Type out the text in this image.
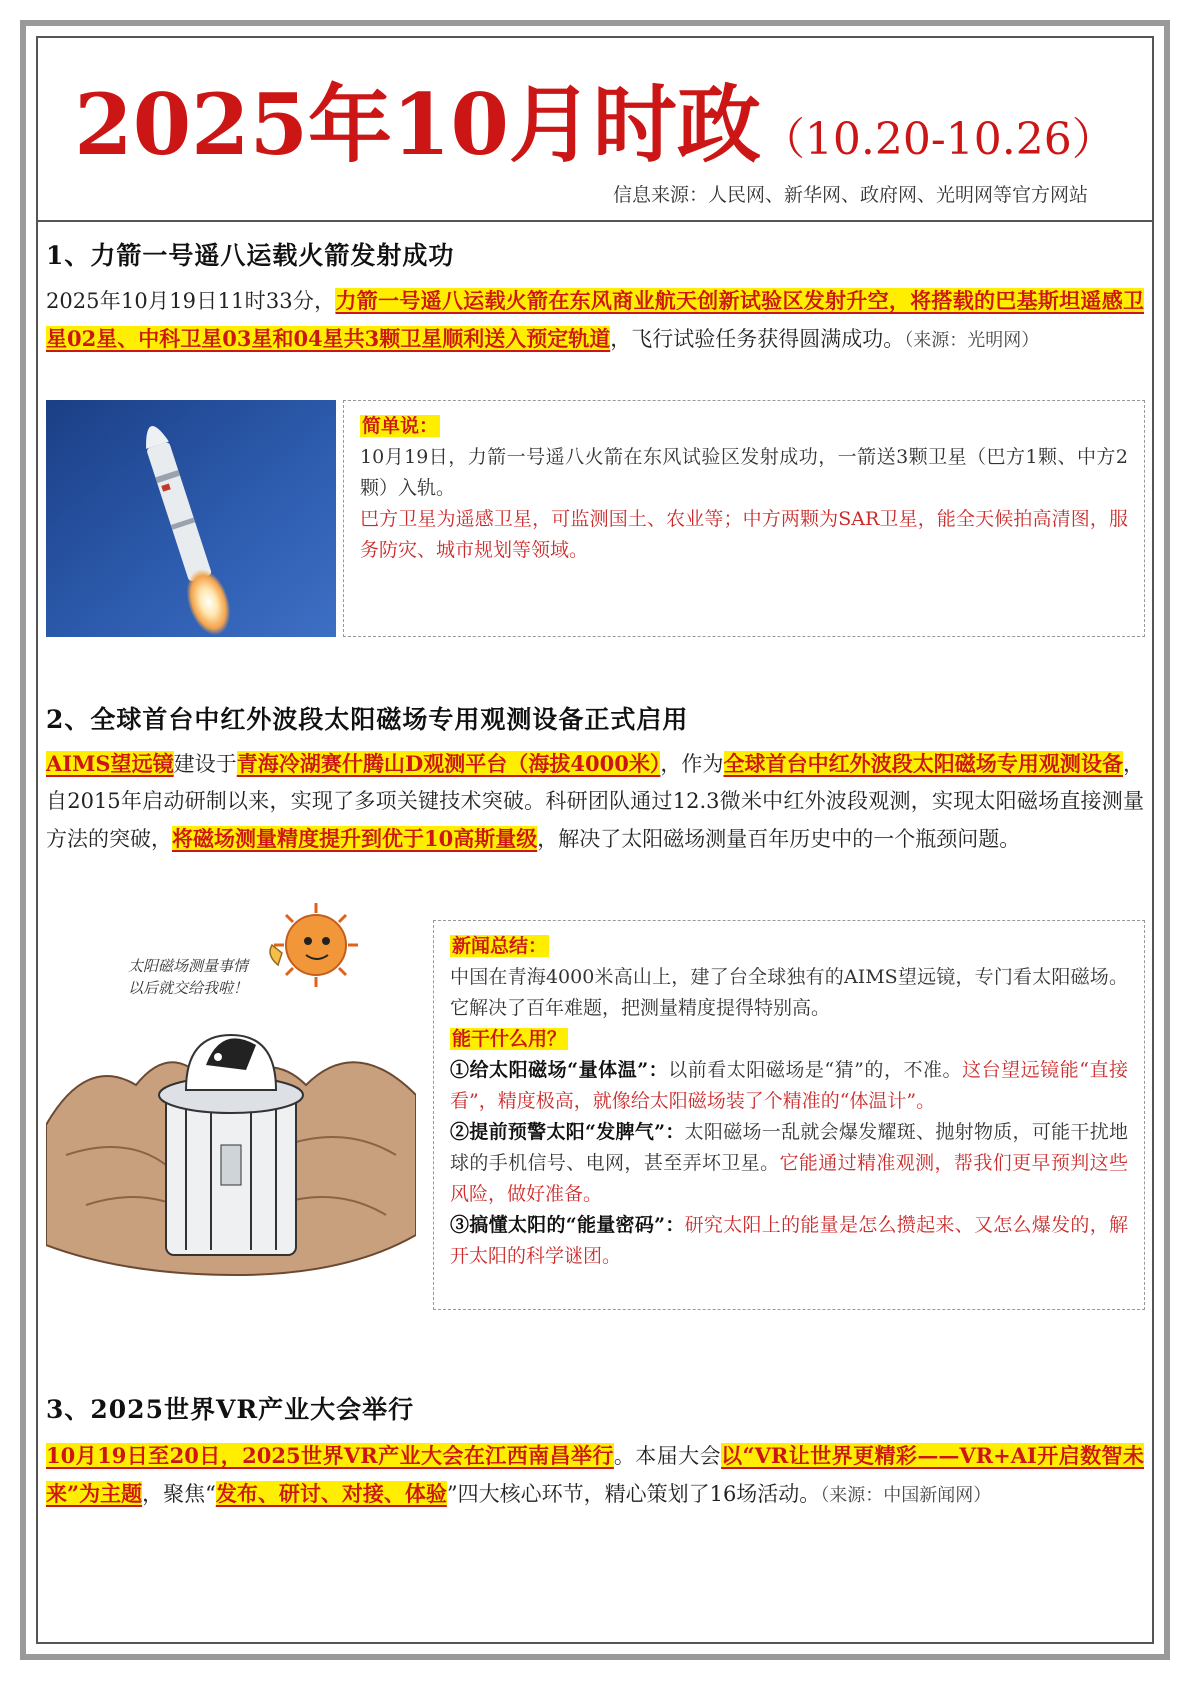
2025年10月时政（10.20-10.26）
信息来源：人民网、新华网、政府网、光明网等官方网站
1、力箭一号遥八运载火箭发射成功
2025年10月19日11时33分，力箭一号遥八运载火箭在东风商业航天创新试验区发射升空，将搭载的巴基斯坦遥感卫星02星、中科卫星03星和04星共3颗卫星顺利送入预定轨道，飞行试验任务获得圆满成功。（来源：光明网）

简单说：

10月19日，力箭一号遥八火箭在东风试验区发射成功，一箭送3颗卫星（巴方1颗、中方2颗）入轨。

巴方卫星为遥感卫星，可监测国土、农业等；中方两颗为SAR卫星，能全天候拍高清图，服务防灾、城市规划等领域。

2、全球首台中红外波段太阳磁场专用观测设备正式启用
AIMS望远镜建设于青海冷湖赛什腾山D观测平台（海拔4000米），作为全球首台中红外波段太阳磁场专用观测设备，自2015年启动研制以来，实现了多项关键技术突破。科研团队通过12.3微米中红外波段观测，实现太阳磁场直接测量方法的突破，将磁场测量精度提升到优于10高斯量级，解决了太阳磁场测量百年历史中的一个瓶颈问题。
太阳磁场测量事情
以后就交给我啦！

新闻总结：

中国在青海4000米高山上，建了台全球独有的AIMS望远镜，专门看太阳磁场。它解决了百年难题，把测量精度提得特别高。

能干什么用？

①给太阳磁场“量体温”：以前看太阳磁场是“猜”的，不准。这台望远镜能“直接看”，精度极高，就像给太阳磁场装了个精准的“体温计”。

②提前预警太阳“发脾气”：太阳磁场一乱就会爆发耀斑、抛射物质，可能干扰地球的手机信号、电网，甚至弄坏卫星。它能通过精准观测，帮我们更早预判这些风险，做好准备。

③搞懂太阳的“能量密码”：研究太阳上的能量是怎么攒起来、又怎么爆发的，解开太阳的科学谜团。

3、2025世界VR产业大会举行
10月19日至20日，2025世界VR产业大会在江西南昌举行。本届大会以“VR让世界更精彩——VR+AI开启数智未来”为主题，聚焦“发布、研讨、对接、体验”四大核心环节，精心策划了16场活动。（来源：中国新闻网）
